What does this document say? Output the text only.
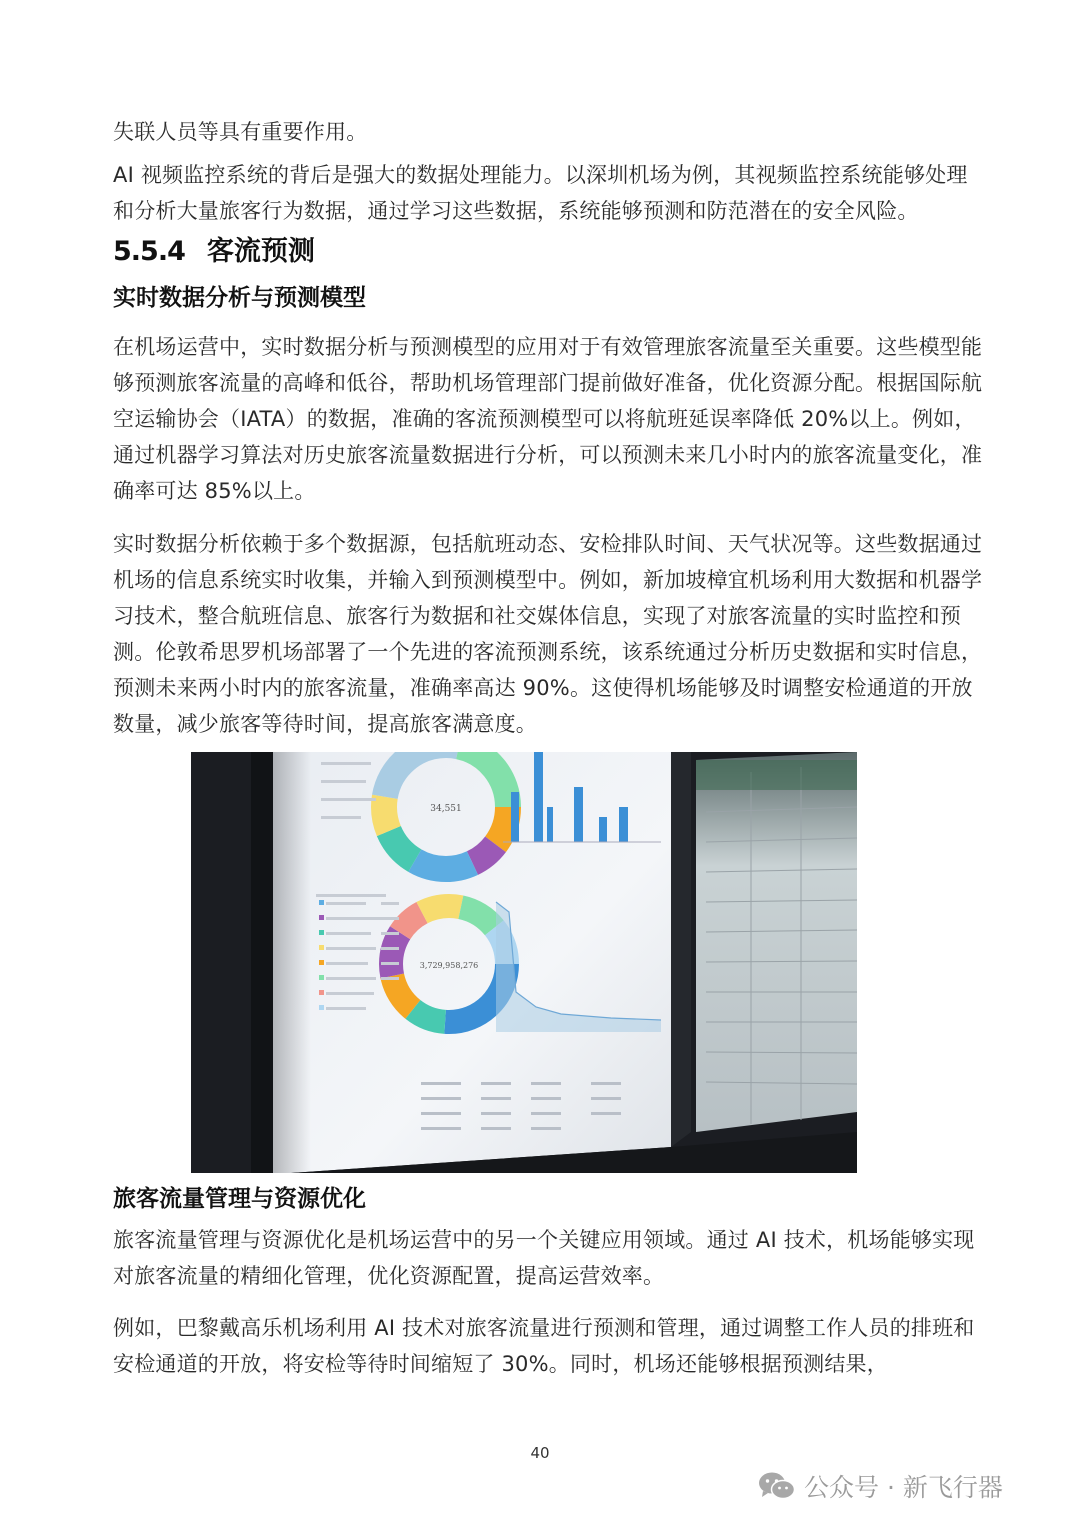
失联人员等具有重要作用。

AI 视频监控系统的背后是强大的数据处理能力。以深圳机场为例，其视频监控系统能够处理和分析大量旅客行为数据，通过学习这些数据，系统能够预测和防范潜在的安全风险。

5.5.4 客流预测
实时数据分析与预测模型

在机场运营中，实时数据分析与预测模型的应用对于有效管理旅客流量至关重要。这些模型能够预测旅客流量的高峰和低谷，帮助机场管理部门提前做好准备，优化资源分配。根据国际航空运输协会（IATA）的数据，准确的客流预测模型可以将航班延误率降低 20%以上。例如，通过机器学习算法对历史旅客流量数据进行分析，可以预测未来几小时内的旅客流量变化，准确率可达 85%以上。

实时数据分析依赖于多个数据源，包括航班动态、安检排队时间、天气状况等。这些数据通过机场的信息系统实时收集，并输入到预测模型中。例如，新加坡樟宜机场利用大数据和机器学习技术，整合航班信息、旅客行为数据和社交媒体信息，实现了对旅客流量的实时监控和预测。伦敦希思罗机场部署了一个先进的客流预测系统，该系统通过分析历史数据和实时信息，预测未来两小时内的旅客流量，准确率高达 90%。这使得机场能够及时调整安检通道的开放数量，减少旅客等待时间，提高旅客满意度。

34,551
3,729,958,276
旅客流量管理与资源优化

旅客流量管理与资源优化是机场运营中的另一个关键应用领域。通过 AI 技术，机场能够实现对旅客流量的精细化管理，优化资源配置，提高运营效率。

例如，巴黎戴高乐机场利用 AI 技术对旅客流量进行预测和管理，通过调整工作人员的排班和安检通道的开放，将安检等待时间缩短了 30%。同时，机场还能够根据预测结果，

40
公众号 · 新飞行器
